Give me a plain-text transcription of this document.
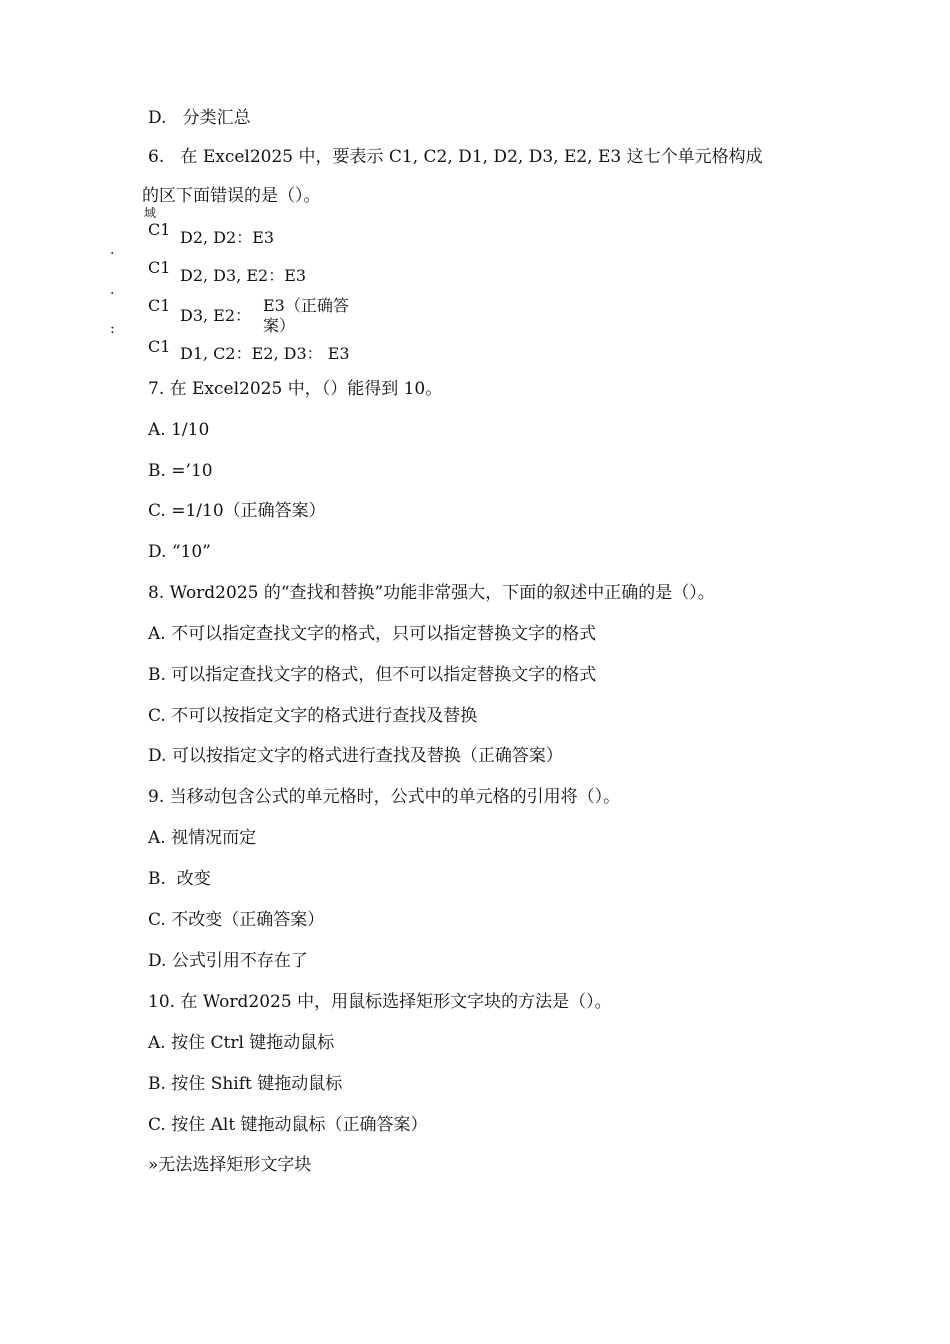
D.   分类汇总
6.   在 Excel2025 中，要表示 C1, C2, D1, D2, D3, E2, E3 这七个单元格构成
的区下面错误的是（）。
域
.
.
:
C1 D2, D2：E3
C1 D2, D3, E2：E3
C1
D3, E2：
E3（正确答
案）
C1 D1, C2：E2, D3： E3
7. 在 Excel2025 中，（）能得到 10。
A. 1/10
B. =’10
C. =1/10（正确答案）
D. “10”
8. Word2025 的“查找和替换”功能非常强大，下面的叙述中正确的是（）。
A. 不可以指定查找文字的格式，只可以指定替换文字的格式
B. 可以指定查找文字的格式，但不可以指定替换文字的格式
C. 不可以按指定文字的格式进行查找及替换
D. 可以按指定文字的格式进行查找及替换（正确答案）
9. 当移动包含公式的单元格时，公式中的单元格的引用将（）。
A. 视情况而定
B.  改变
C. 不改变（正确答案）
D. 公式引用不存在了
10. 在 Word2025 中，用鼠标选择矩形文字块的方法是（）。
A. 按住 Ctrl 键拖动鼠标
B. 按住 Shift 键拖动鼠标
C. 按住 Alt 键拖动鼠标（正确答案）
»无法选择矩形文字块
